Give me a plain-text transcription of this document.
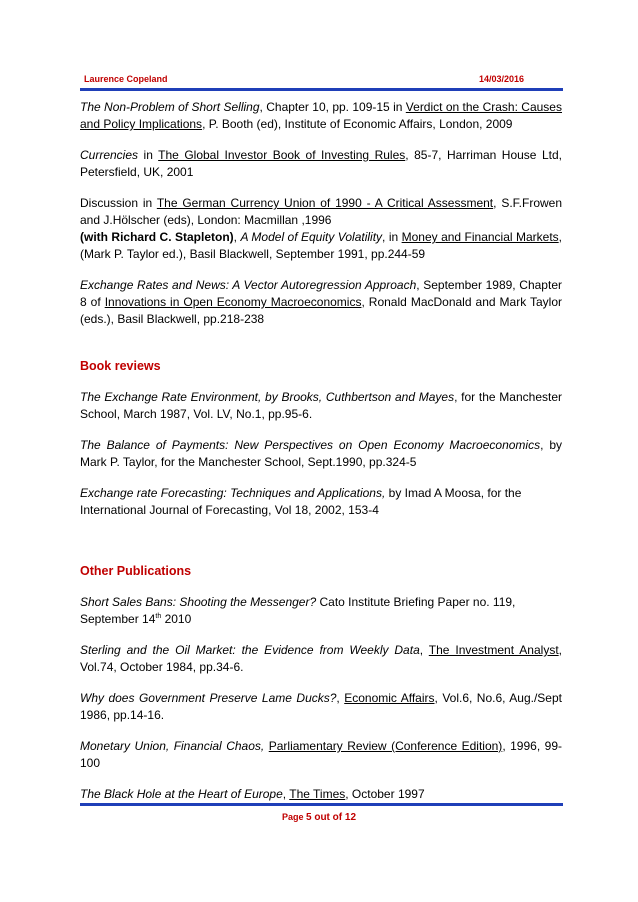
Laurence Copeland	14/03/2016

The Non-Problem of Short Selling, Chapter 10, pp. 109-15 in Verdict on the Crash: Causes and Policy Implications, P. Booth (ed), Institute of Economic Affairs, London, 2009

Currencies in The Global Investor Book of Investing Rules, 85-7, Harriman House Ltd, Petersfield, UK, 2001

Discussion in The German Currency Union of 1990 - A Critical Assessment, S.F.Frowen and J.Hölscher (eds), London: Macmillan ,1996

(with Richard C. Stapleton), A Model of Equity Volatility, in Money and Financial Markets, (Mark P. Taylor ed.), Basil Blackwell, September 1991, pp.244-59

Exchange Rates and News: A Vector Autoregression Approach, September 1989, Chapter 8 of Innovations in Open Economy Macroeconomics, Ronald MacDonald and Mark Taylor (eds.), Basil Blackwell, pp.218-238

Book reviews

The Exchange Rate Environment, by Brooks, Cuthbertson and Mayes, for the Manchester School, March 1987, Vol. LV, No.1, pp.95-6.

The Balance of Payments: New Perspectives on Open Economy Macroeconomics, by Mark P. Taylor, for the Manchester School, Sept.1990, pp.324-5

Exchange rate Forecasting: Techniques and Applications, by Imad A Moosa, for the International Journal of Forecasting, Vol 18, 2002, 153-4

Other Publications

Short Sales Bans: Shooting the Messenger? Cato Institute Briefing Paper no. 119, September 14th 2010

Sterling and the Oil Market: the Evidence from Weekly Data, The Investment Analyst, Vol.74, October 1984, pp.34-6.

Why does Government Preserve Lame Ducks?, Economic Affairs, Vol.6, No.6, Aug./Sept 1986, pp.14-16.

Monetary Union, Financial Chaos, Parliamentary Review (Conference Edition), 1996, 99-100

The Black Hole at the Heart of Europe, The Times, October 1997

Page 5 out of 12
